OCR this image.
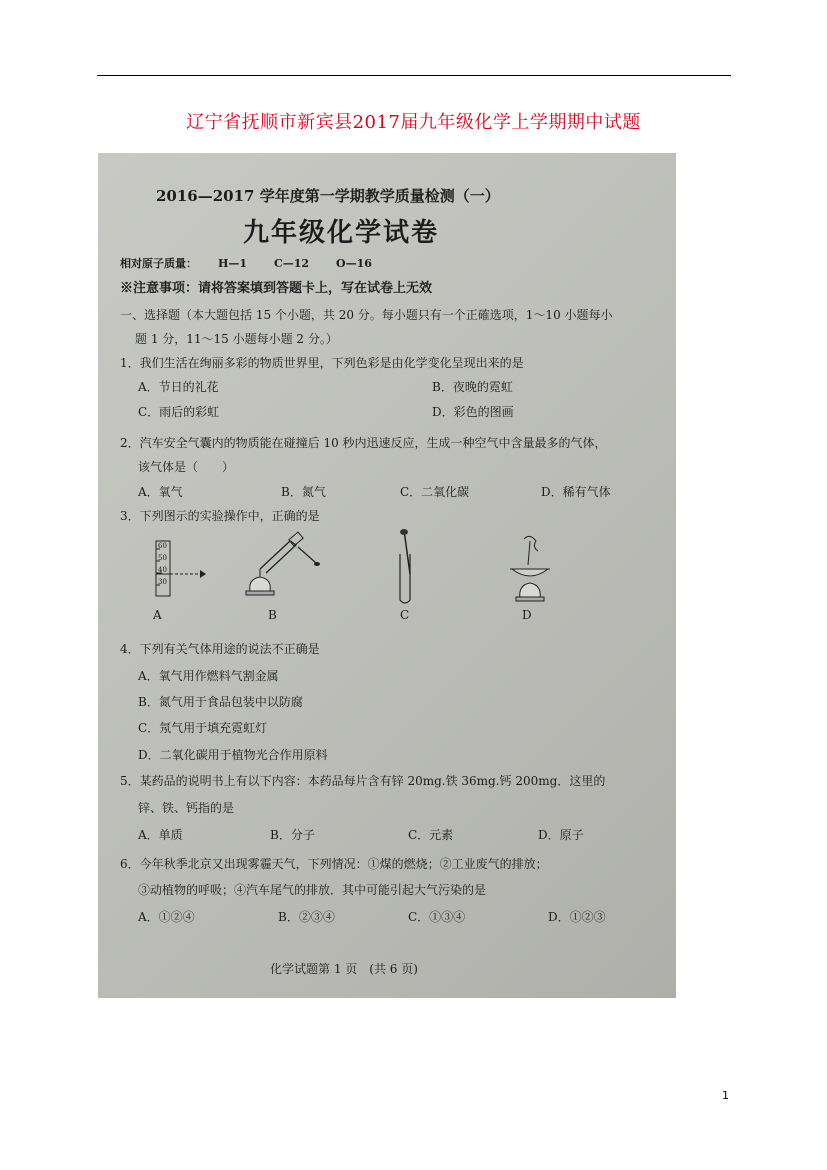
辽宁省抚顺市新宾县2017届九年级化学上学期期中试题
2016—2017 学年度第一学期教学质量检测（一）
九年级化学试卷
相对原子质量： H—1 C—12 O—16
※注意事项：请将答案填到答题卡上，写在试卷上无效
一、选择题（本大题包括 15 个小题，共 20 分。每小题只有一个正確选项，1～10 小题每小
题 1 分，11～15 小题每小题 2 分。）
1．我们生活在绚丽多彩的物质世界里，下列色彩是由化学变化呈现出来的是
A．节日的礼花	B．夜晚的霓虹
C．雨后的彩虹	D．彩色的图画
2．汽车安全气囊内的物质能在碰撞后 10 秒内迅速反应，生成一种空气中含量最多的气体，
该气体是（　　）
A．氧气	B．氮气	C．二氧化碳	D．稀有气体
3．下列图示的实验操作中，正确的是
60
50
40
30
A	B	C	D
4．下列有关气体用途的说法不正确是
A．氧气用作燃料气割金属
B．氮气用于食品包装中以防腐
C．氖气用于填充霓虹灯
D．二氧化碳用于植物光合作用原料
5．某药品的说明书上有以下内容：本药品每片含有锌 20mg.铁 36mg.钙 200mg．这里的
锌、铁、钙指的是
A．单质	B．分子	C．元素	D．原子
6．今年秋季北京又出现雾霾天气，下列情况：①煤的燃烧；②工业废气的排放；
③动植物的呼吸；④汽车尾气的排放．其中可能引起大气污染的是
A．①②④	B．②③④	C．①③④	D．①②③
化学试题第 1 页　(共 6 页)
1
